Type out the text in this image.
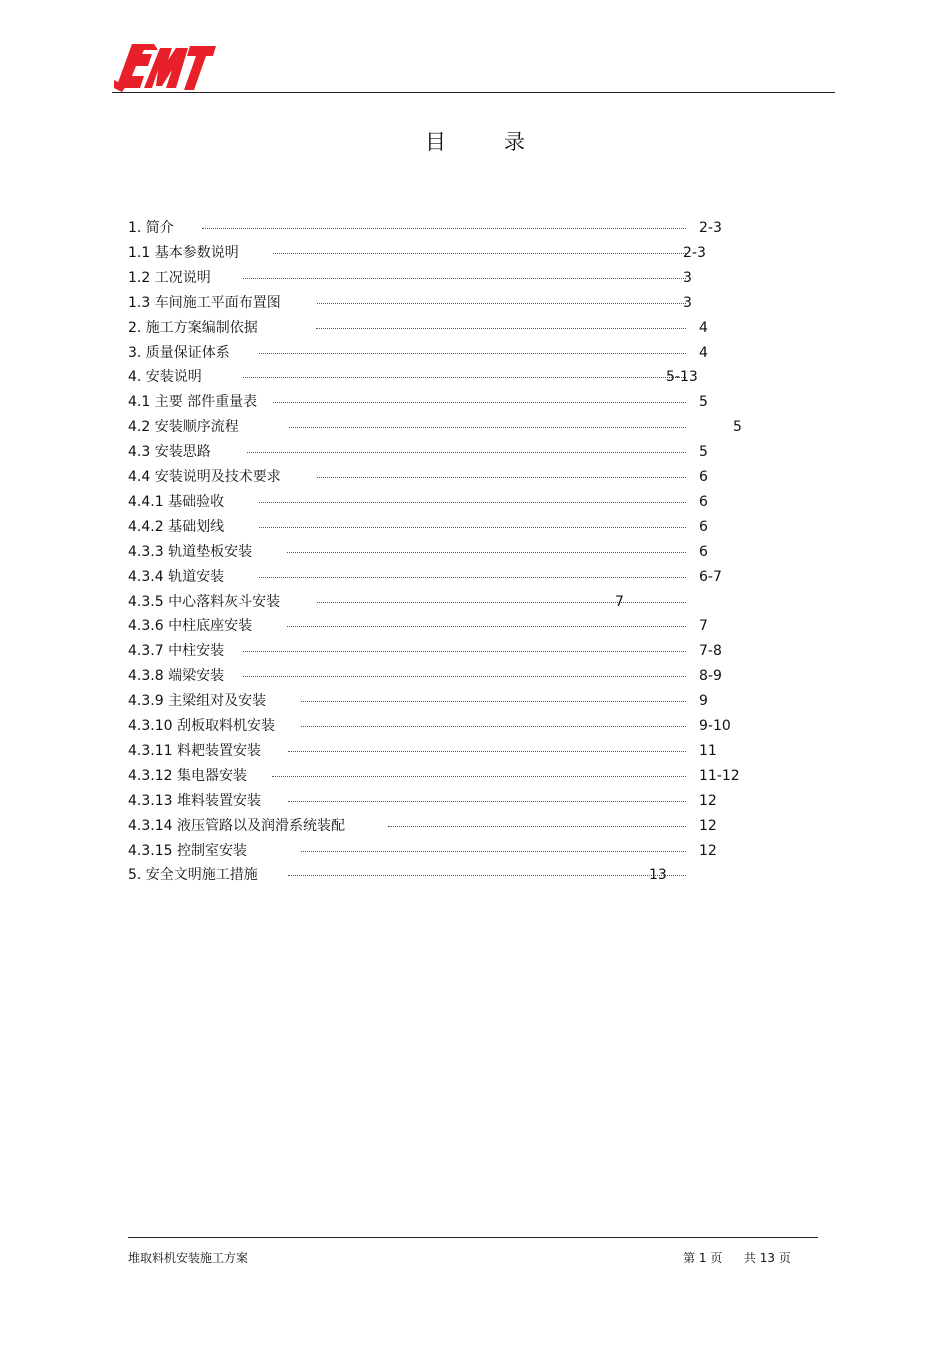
目录
1. 简介	2-3
1.1 基本参数说明	2-3
1.2 工况说明	3
1.3 车间施工平面布置图	3
2. 施工方案编制依据	4
3. 质量保证体系	4
4. 安装说明	5-13
4.1 主要 部件重量表	5
4.2 安装顺序流程	5
4.3 安装思路	5
4.4 安装说明及技术要求	6
4.4.1 基础验收	6
4.4.2 基础划线	6
4.3.3 轨道垫板安装	6
4.3.4 轨道安装	6-7
4.3.5 中心落料灰斗安装	7
4.3.6 中柱底座安装	7
4.3.7 中柱安装	7-8
4.3.8 端梁安装	8-9
4.3.9 主梁组对及安装	9
4.3.10 刮板取料机安装	9-10
4.3.11 料耙装置安装	11
4.3.12 集电器安装	11-12
4.3.13 堆料装置安装	12
4.3.14 液压管路以及润滑系统装配	12
4.3.15 控制室安装	12
5. 安全文明施工措施	13
堆取料机安装施工方案	第 1 页 共 13 页
